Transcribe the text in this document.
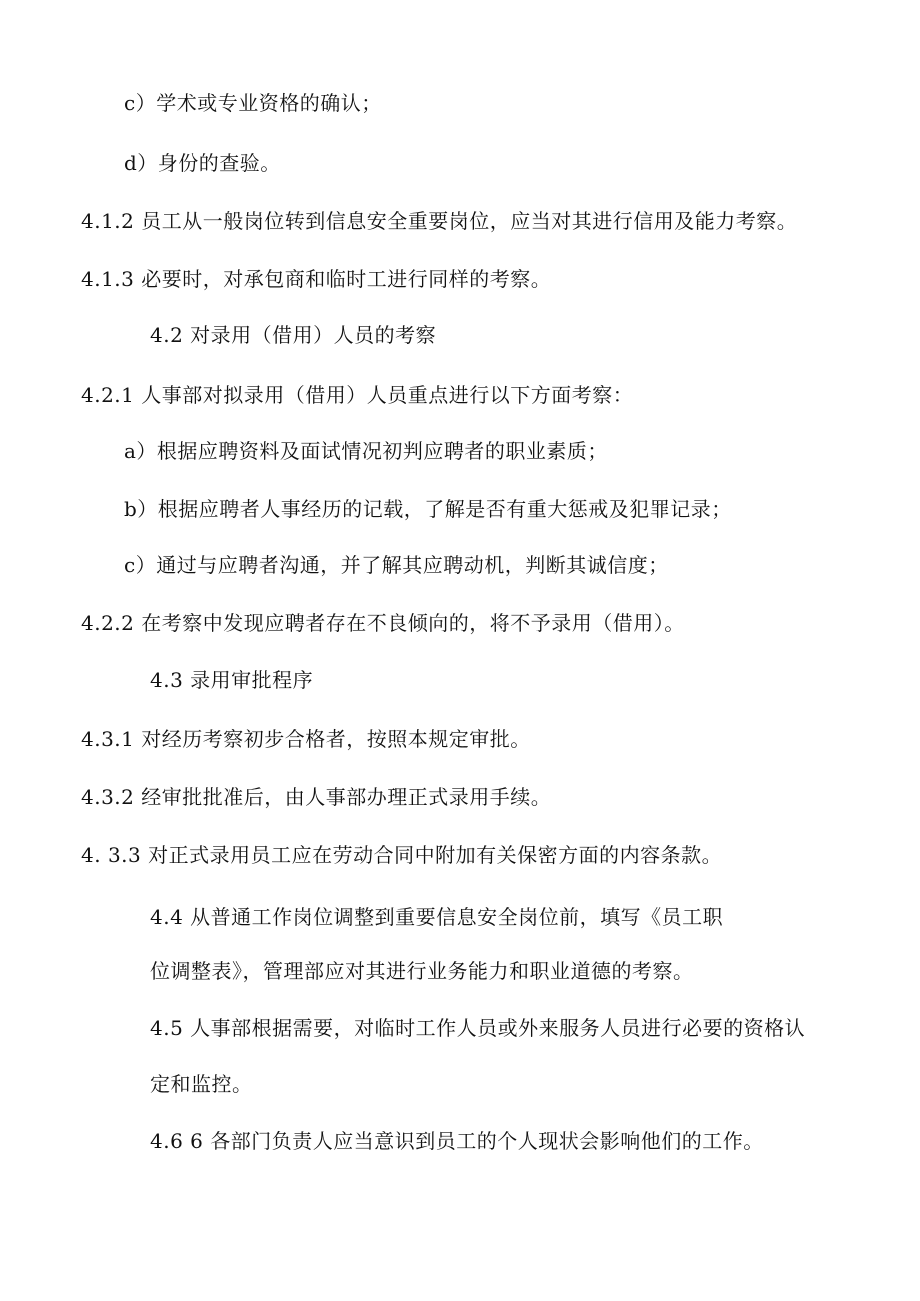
c）学术或专业资格的确认；
d）身份的查验。
4.1.2 员工从一般岗位转到信息安全重要岗位，应当对其进行信用及能力考察。
4.1.3 必要时，对承包商和临时工进行同样的考察。
4.2 对录用（借用）人员的考察
4.2.1 人事部对拟录用（借用）人员重点进行以下方面考察：
a）根据应聘资料及面试情况初判应聘者的职业素质；
b）根据应聘者人事经历的记载，了解是否有重大惩戒及犯罪记录；
c）通过与应聘者沟通，并了解其应聘动机，判断其诚信度；
4.2.2 在考察中发现应聘者存在不良倾向的，将不予录用（借用）。
4.3 录用审批程序
4.3.1 对经历考察初步合格者，按照本规定审批。
4.3.2 经审批批准后，由人事部办理正式录用手续。
4. 3.3 对正式录用员工应在劳动合同中附加有关保密方面的内容条款。
4.4 从普通工作岗位调整到重要信息安全岗位前，填写《员工职
位调整表》，管理部应对其进行业务能力和职业道德的考察。
4.5 人事部根据需要，对临时工作人员或外来服务人员进行必要的资格认
定和监控。
4.6 6 各部门负责人应当意识到员工的个人现状会影响他们的工作。
